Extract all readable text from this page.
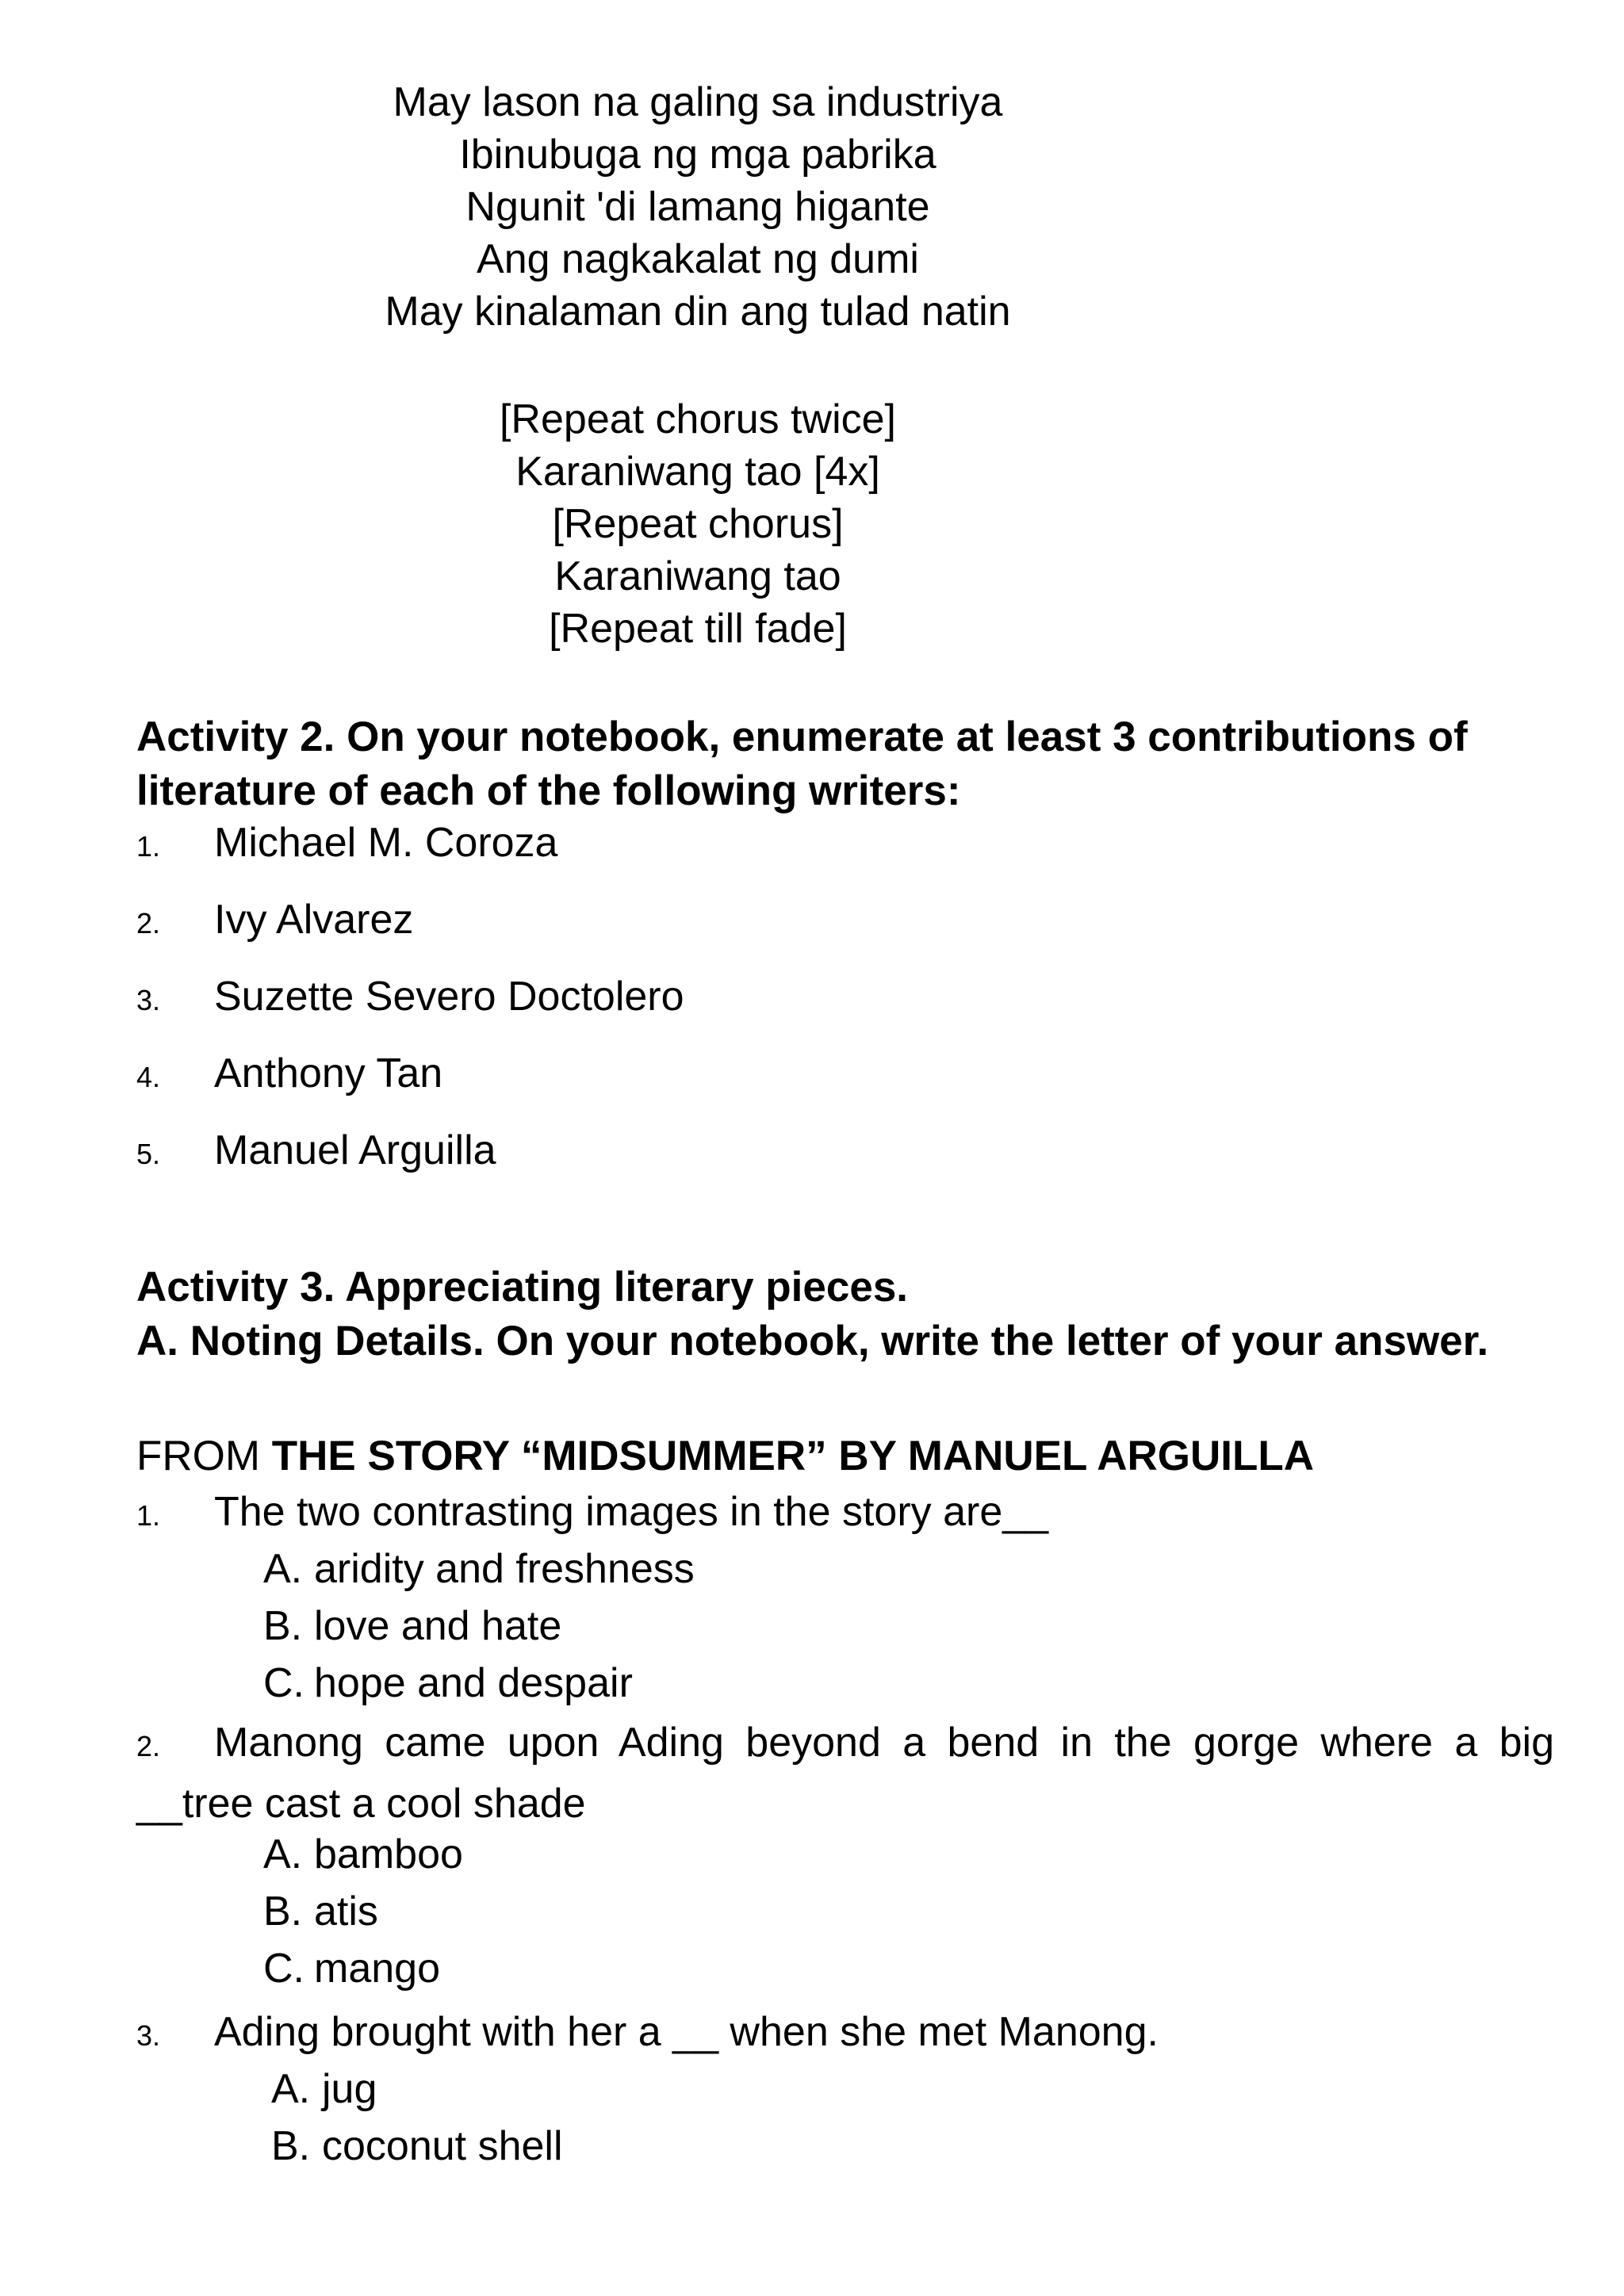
May lason na galing sa industriya
Ibinubuga ng mga pabrika
Ngunit 'di lamang higante
Ang nagkakalat ng dumi
May kinalaman din ang tulad natin
[Repeat chorus twice]
Karaniwang tao [4x]
[Repeat chorus]
Karaniwang tao
[Repeat till fade]
Activity 2. On your notebook, enumerate at least 3 contributions of
literature of each of the following writers:
1. Michael M. Coroza
2. Ivy Alvarez
3. Suzette Severo Doctolero
4. Anthony Tan
5. Manuel Arguilla
Activity 3. Appreciating literary pieces.
A. Noting Details. On your notebook, write the letter of your answer.
FROM THE STORY “MIDSUMMER” BY MANUEL ARGUILLA
1. The two contrasting images in the story are__
A. aridity and freshness
B. love and hate
C. hope and despair
2. Manong came upon Ading beyond a bend in the gorge where a big __tree cast a cool shade
A. bamboo
B. atis
C. mango
3. Ading brought with her a __ when she met Manong.
A. jug
B. coconut shell
